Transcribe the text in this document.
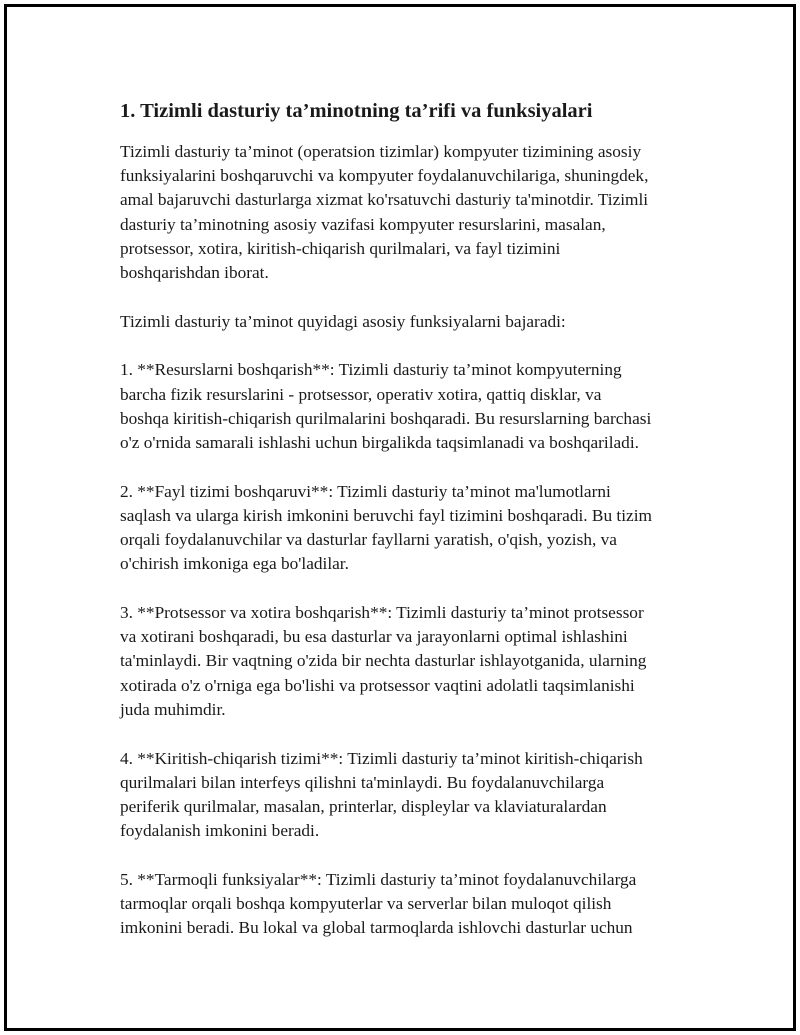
1. Tizimli dasturiy ta’minotning ta’rifi va funksiyalari
Tizimli dasturiy ta’minot (operatsion tizimlar) kompyuter tizimining asosiy
funksiyalarini boshqaruvchi va kompyuter foydalanuvchilariga, shuningdek,
amal bajaruvchi dasturlarga xizmat ko'rsatuvchi dasturiy ta'minotdir. Tizimli
dasturiy ta’minotning asosiy vazifasi kompyuter resurslarini, masalan,
protsessor, xotira, kiritish-chiqarish qurilmalari, va fayl tizimini
boshqarishdan iborat.
Tizimli dasturiy ta’minot quyidagi asosiy funksiyalarni bajaradi:
1. **Resurslarni boshqarish**: Tizimli dasturiy ta’minot kompyuterning
barcha fizik resurslarini - protsessor, operativ xotira, qattiq disklar, va
boshqa kiritish-chiqarish qurilmalarini boshqaradi. Bu resurslarning barchasi
o'z o'rnida samarali ishlashi uchun birgalikda taqsimlanadi va boshqariladi.
2. **Fayl tizimi boshqaruvi**: Tizimli dasturiy ta’minot ma'lumotlarni
saqlash va ularga kirish imkonini beruvchi fayl tizimini boshqaradi. Bu tizim
orqali foydalanuvchilar va dasturlar fayllarni yaratish, o'qish, yozish, va
o'chirish imkoniga ega bo'ladilar.
3. **Protsessor va xotira boshqarish**: Tizimli dasturiy ta’minot protsessor
va xotirani boshqaradi, bu esa dasturlar va jarayonlarni optimal ishlashini
ta'minlaydi. Bir vaqtning o'zida bir nechta dasturlar ishlayotganida, ularning
xotirada o'z o'rniga ega bo'lishi va protsessor vaqtini adolatli taqsimlanishi
juda muhimdir.
4. **Kiritish-chiqarish tizimi**: Tizimli dasturiy ta’minot kiritish-chiqarish
qurilmalari bilan interfeys qilishni ta'minlaydi. Bu foydalanuvchilarga
periferik qurilmalar, masalan, printerlar, displeylar va klaviaturalardan
foydalanish imkonini beradi.
5. **Tarmoqli funksiyalar**: Tizimli dasturiy ta’minot foydalanuvchilarga
tarmoqlar orqali boshqa kompyuterlar va serverlar bilan muloqot qilish
imkonini beradi. Bu lokal va global tarmoqlarda ishlovchi dasturlar uchun
